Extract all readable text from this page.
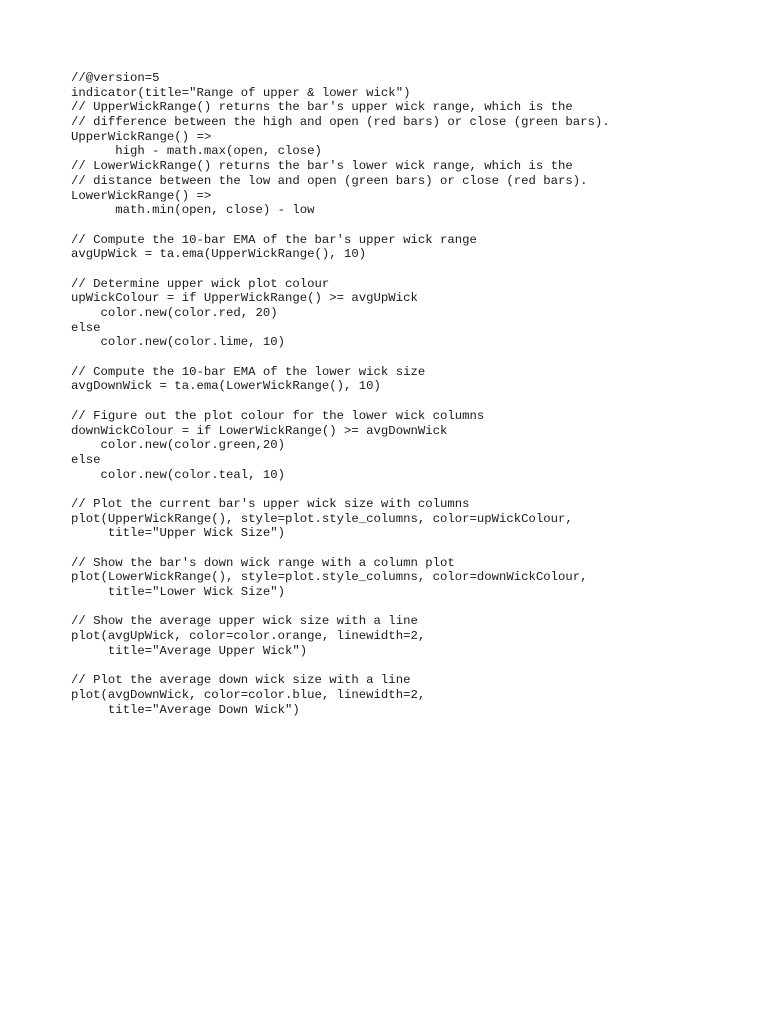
//@version=5
indicator(title="Range of upper & lower wick")
// UpperWickRange() returns the bar's upper wick range, which is the
// difference between the high and open (red bars) or close (green bars).
UpperWickRange() =>
high - math.max(open, close)
// LowerWickRange() returns the bar's lower wick range, which is the
// distance between the low and open (green bars) or close (red bars).
LowerWickRange() =>
math.min(open, close) - low
// Compute the 10-bar EMA of the bar's upper wick range
avgUpWick = ta.ema(UpperWickRange(), 10)
// Determine upper wick plot colour
upWickColour = if UpperWickRange() >= avgUpWick
color.new(color.red, 20)
else
color.new(color.lime, 10)
// Compute the 10-bar EMA of the lower wick size
avgDownWick = ta.ema(LowerWickRange(), 10)
// Figure out the plot colour for the lower wick columns
downWickColour = if LowerWickRange() >= avgDownWick
color.new(color.green,20)
else
color.new(color.teal, 10)
// Plot the current bar's upper wick size with columns
plot(UpperWickRange(), style=plot.style_columns, color=upWickColour,
title="Upper Wick Size")
// Show the bar's down wick range with a column plot
plot(LowerWickRange(), style=plot.style_columns, color=downWickColour,
title="Lower Wick Size")
// Show the average upper wick size with a line
plot(avgUpWick, color=color.orange, linewidth=2,
title="Average Upper Wick")
// Plot the average down wick size with a line
plot(avgDownWick, color=color.blue, linewidth=2,
title="Average Down Wick")
